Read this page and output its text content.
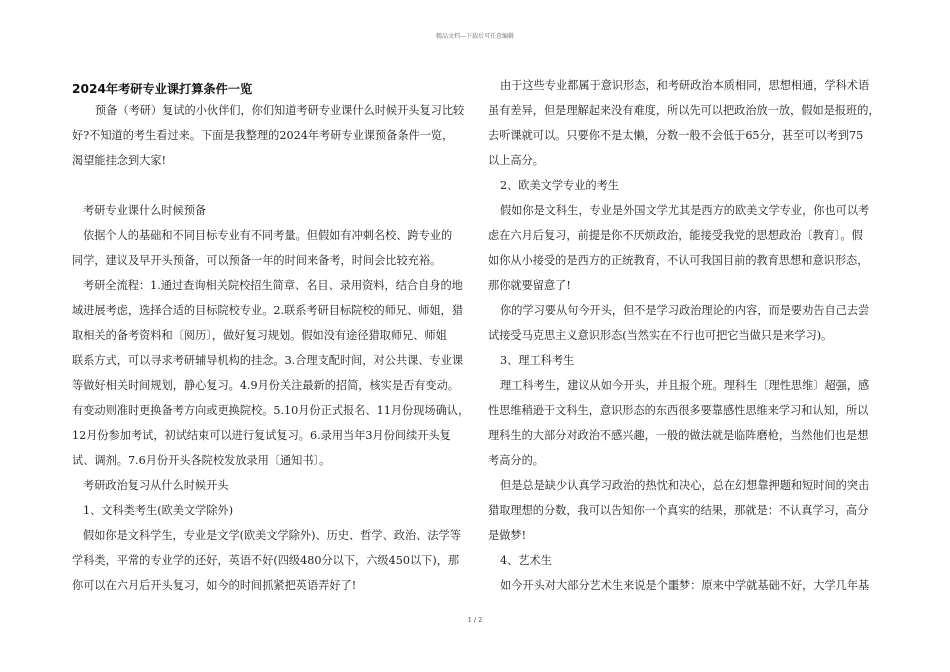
精品文档---下载后可任意编辑
2024年考研专业课打算条件一览
预备（考研）复试的小伙伴们，你们知道考研专业课什么时候开头复习比较
好?不知道的考生看过来。下面是我整理的2024年考研专业课预备条件一览，
渴望能挂念到大家!
考研专业课什么时候预备
依据个人的基础和不同目标专业有不同考量。但假如有冲刺名校、跨专业的
同学，建议及早开头预备，可以预备一年的时间来备考，时间会比较充裕。
考研全流程：1.通过查询相关院校招生简章、名目、录用资料，结合自身的地
域进展考虑，选择合适的目标院校专业。2.联系考研目标院校的师兄、师姐，猎
取相关的备考资料和〔阅历〕，做好复习规划。假如没有途径猎取师兄、师姐
联系方式，可以寻求考研辅导机构的挂念。3.合理支配时间，对公共课、专业课
等做好相关时间规划，静心复习。4.9月份关注最新的招简，核实是否有变动。
有变动则准时更换备考方向或更换院校。5.10月份正式报名、11月份现场确认，
12月份参加考试，初试结束可以进行复试复习。6.录用当年3月份间续开头复
试、调剂。7.6月份开头各院校发放录用〔通知书〕。
考研政治复习从什么时候开头
1、文科类考生(欧美文学除外)
假如你是文科学生，专业是文学(欧美文学除外)、历史、哲学、政治、法学等
学科类，平常的专业学的还好，英语不好(四级480分以下，六级450以下)，那
你可以在六月后开头复习，如今的时间抓紧把英语弄好了!
由于这些专业都属于意识形态，和考研政治本质相同，思想相通，学科术语
虽有差异，但是理解起来没有难度，所以先可以把政治放一放，假如是报班的，
去听课就可以。只要你不是太懒，分数一般不会低于65分，甚至可以考到75
以上高分。
2、欧美文学专业的考生
假如你是文科生，专业是外国文学尤其是西方的欧美文学专业，你也可以考
虑在六月后复习，前提是你不厌烦政治，能接受我党的思想政治〔教育〕。假
如你从小接受的是西方的正统教育，不认可我国目前的教育思想和意识形态，
那你就要留意了!
你的学习要从句今开头，但不是学习政治理论的内容，而是要劝告自己去尝
试接受马克思主义意识形态(当然实在不行也可把它当做只是来学习)。
3、理工科考生
理工科考生，建议从如今开头，并且报个班。理科生〔理性思维〕超强，感
性思维稍逊于文科生，意识形态的东西很多要靠感性思维来学习和认知，所以
理科生的大部分对政治不感兴趣，一般的做法就是临阵磨枪，当然他们也是想
考高分的。
但是总是缺少认真学习政治的热忱和决心，总在幻想靠押题和短时间的突击
猎取理想的分数，我可以告知你一个真实的结果，那就是：不认真学习，高分
是做梦!
4、艺术生
如今开头对大部分艺术生来说是个噩梦：原来中学就基础不好，大学几年基
1 / 2
